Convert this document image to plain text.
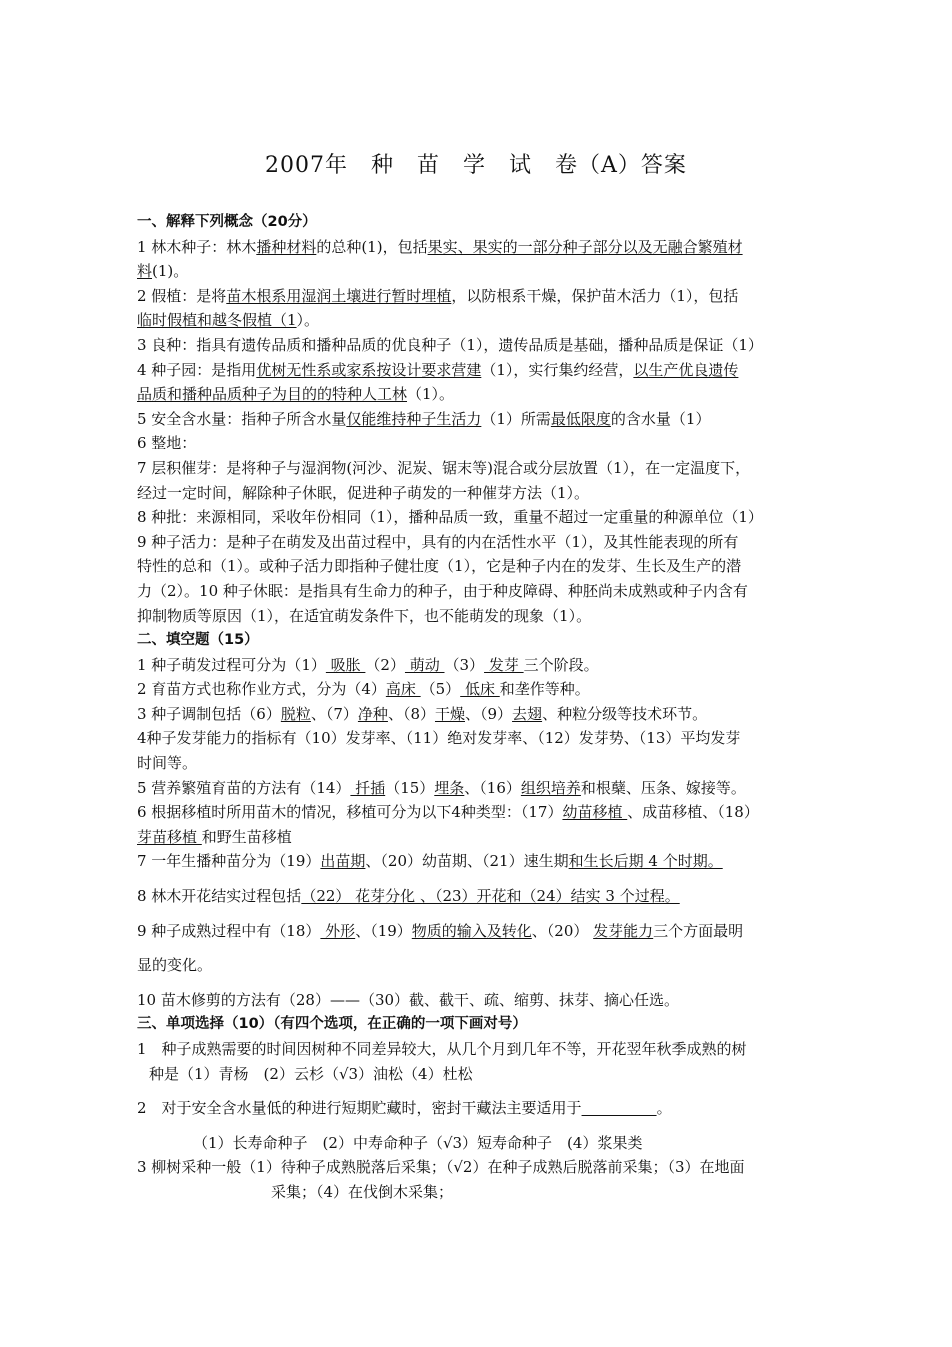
2007年　种　苗　学　试　卷（A）答案
一、解释下列概念（20分）
1 林木种子：林木播种材料的总种(1)，包括果实、果实的一部分种子部分以及无融合繁殖材
料(1)。
2 假植：是将苗木根系用湿润土壤进行暂时埋植，以防根系干燥，保护苗木活力（1），包括
临时假植和越冬假植（1）。
3 良种：指具有遗传品质和播种品质的优良种子（1），遗传品质是基础，播种品质是保证（1）
4 种子园：是指用优树无性系或家系按设计要求营建（1），实行集约经营，以生产优良遗传
品质和播种品质种子为目的的特种人工林（1）。
5 安全含水量：指种子所含水量仅能维持种子生活力（1）所需最低限度的含水量（1）
6 整地：
7 层积催芽：是将种子与湿润物(河沙、泥炭、锯末等)混合或分层放置（1），在一定温度下，
经过一定时间，解除种子休眠，促进种子萌发的一种催芽方法（1）。
8 种批：来源相同，采收年份相同（1），播种品质一致，重量不超过一定重量的种源单位（1）
9 种子活力：是种子在萌发及出苗过程中，具有的内在活性水平（1），及其性能表现的所有
特性的总和（1）。或种子活力即指种子健壮度（1），它是种子内在的发芽、生长及生产的潜
力（2）。10 种子休眠：是指具有生命力的种子，由于种皮障碍、种胚尚未成熟或种子内含有
抑制物质等原因（1），在适宜萌发条件下，也不能萌发的现象（1）。
二、填空题（15）
1 种子萌发过程可分为（1） 吸胀 （2） 萌动 （3） 发芽 三个阶段。
2 育苗方式也称作业方式，分为（4）高床 （5） 低床 和垄作等种。
3 种子调制包括（6）脱粒、（7）净种、（8）干燥、（9）去翅、种粒分级等技术环节。
4种子发芽能力的指标有（10）发芽率、（11）绝对发芽率、（12）发芽势、（13）平均发芽
时间等。
5 营养繁殖育苗的方法有（14） 扦插（15）埋条、（16）组织培养和根蘖、压条、嫁接等。
6 根据移植时所用苗木的情况，移植可分为以下4种类型：（17）幼苗移植 、成苗移植、（18）
芽苗移植 和野生苗移植
7 一年生播种苗分为（19）出苗期、（20）幼苗期、（21）速生期和生长后期 4 个时期。
8 林木开花结实过程包括（22） 花芽分化 、（23）开花和（24）结实 3 个过程。
9 种子成熟过程中有（18） 外形、（19）物质的输入及转化、（20） 发芽能力三个方面最明
显的变化。
10 苗木修剪的方法有（28）——（30）截、截干、疏、缩剪、抹芽、摘心任选。
三、单项选择（10）（有四个选项，在正确的一项下画对号）
1　种子成熟需要的时间因树种不同差异较大，从几个月到几年不等，开花翌年秋季成熟的树
种是（1）青杨　(2）云杉（√3）油松（4）杜松
2　对于安全含水量低的种进行短期贮藏时，密封干藏法主要适用于　　　　　	。
（1）长寿命种子　(2）中寿命种子（√3）短寿命种子　(4）浆果类
3 柳树采种一般（1）待种子成熟脱落后采集；（√2）在种子成熟后脱落前采集；（3）在地面
采集；（4）在伐倒木采集；
